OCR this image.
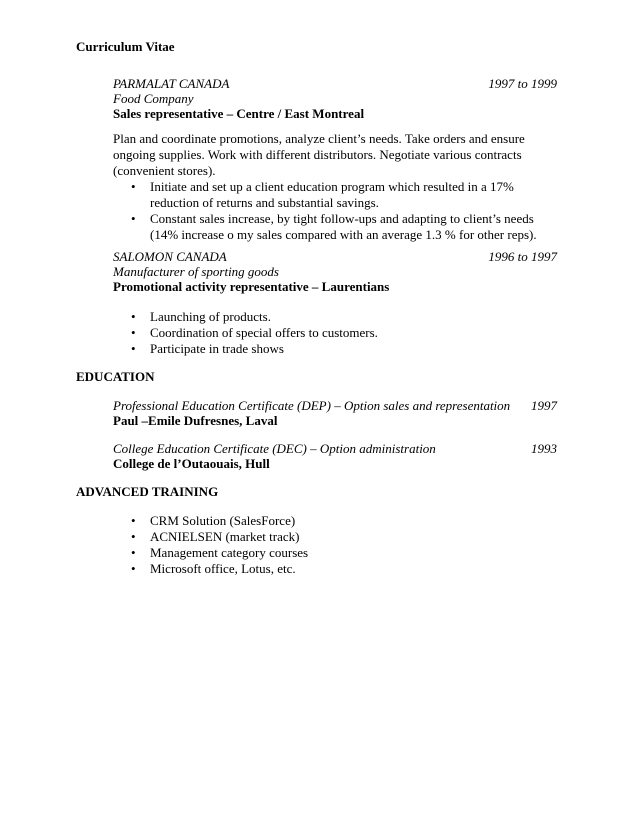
Curriculum Vitae
PARMALAT CANADA	1997 to 1999
Food Company
Sales representative – Centre / East Montreal
Plan and coordinate promotions, analyze client’s needs. Take orders and ensure ongoing supplies. Work with different distributors. Negotiate various contracts (convenient stores).
•	Initiate and set up a client education program which resulted in a 17% reduction of returns and substantial savings.
•	Constant sales increase, by tight follow-ups and adapting to client’s needs (14% increase o my sales compared with an average 1.3 % for other reps).
SALOMON CANADA	1996 to 1997
Manufacturer of sporting goods
Promotional activity representative – Laurentians
•	Launching of products.
•	Coordination of special offers to customers.
•	Participate in trade shows
EDUCATION
Professional Education Certificate (DEP) – Option sales and representation 1997
Paul –Emile Dufresnes, Laval
College Education Certificate (DEC) – Option administration	1993
College de l’Outaouais, Hull
ADVANCED TRAINING
•	CRM Solution (SalesForce)
•	ACNIELSEN (market track)
•	Management category courses
•	Microsoft office, Lotus, etc.
